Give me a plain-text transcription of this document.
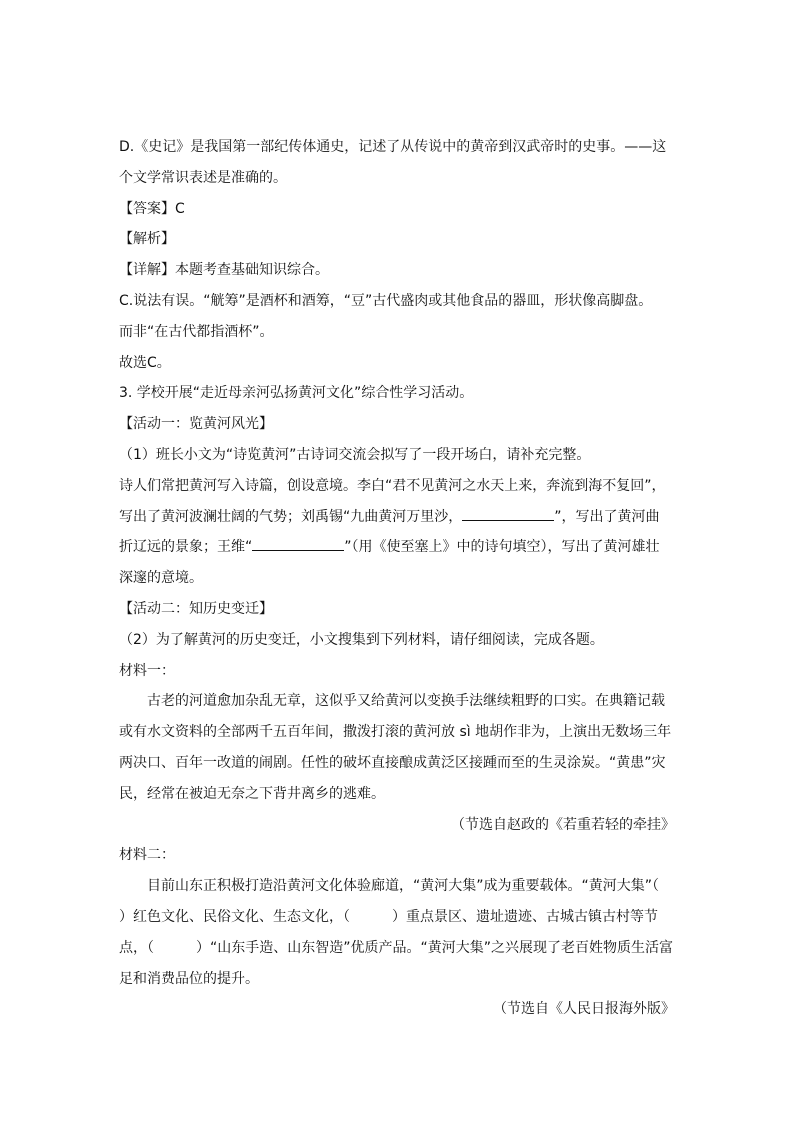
D.《史记》是我国第一部纪传体通史，记述了从传说中的黄帝到汉武帝时的史事。——这

个文学常识表述是准确的。

【答案】C

【解析】

【详解】本题考查基础知识综合。

C.说法有误。“觥筹”是酒杯和酒筹，“豆”古代盛肉或其他食品的器皿，形状像高脚盘。

而非“在古代都指酒杯”。

故选C。

3. 学校开展“走近母亲河弘扬黄河文化”综合性学习活动。

【活动一：览黄河风光】

（1）班长小文为“诗览黄河”古诗词交流会拟写了一段开场白，请补充完整。

诗人们常把黄河写入诗篇，创设意境。李白“君不见黄河之水天上来，奔流到海不复回”，

写出了黄河波澜壮阔的气势；刘禹锡“九曲黄河万里沙，	”，写出了黄河曲

折辽远的景象；王维“	”（用《使至塞上》中的诗句填空），写出了黄河雄壮

深邃的意境。

【活动二：知历史变迁】

（2）为了解黄河的历史变迁，小文搜集到下列材料，请仔细阅读，完成各题。

材料一：

古老的河道愈加杂乱无章，这似乎又给黄河以变换手法继续粗野的口实。在典籍记载或有水文资料的全部两千五百年间，撒泼打滚的黄河放 sì 地胡作非为，上演出无数场三年两决口、百年一改道的闹剧。任性的破坏直接酿成黄泛区接踵而至的生灵涂炭。“黄患”灾民，经常在被迫无奈之下背井离乡的逃难。

（节选自赵政的《若重若轻的牵挂》

材料二：

目前山东正积极打造沿黄河文化体验廊道，“黄河大集”成为重要载体。“黄河大集”（　　）红色文化、民俗文化、生态文化，（　　　）重点景区、遗址遗迹、古城古镇古村等节点，（　　　）“山东手造、山东智造”优质产品。“黄河大集”之兴展现了老百姓物质生活富足和消费品位的提升。

（节选自《人民日报海外版》
